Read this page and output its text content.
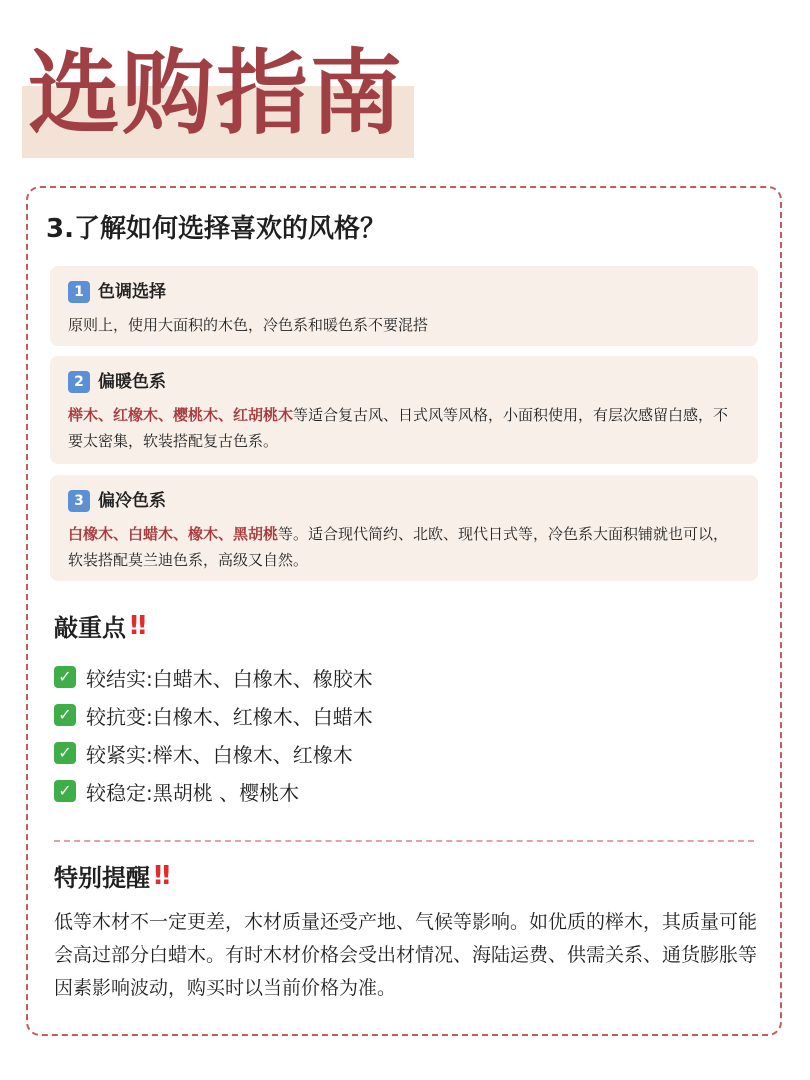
选购指南
3.了解如何选择喜欢的风格？
1 色调选择
原则上，使用大面积的木色，冷色系和暖色系不要混搭
2 偏暖色系
榉木、红橡木、樱桃木、红胡桃木等适合复古风、日式风等风格，小面积使用，有层次感留白感，不要太密集，软装搭配复古色系。
3 偏冷色系
白橡木、白蜡木、橡木、黑胡桃等。适合现代简约、北欧、现代日式等，冷色系大面积铺就也可以，软装搭配莫兰迪色系，高级又自然。
敲重点 ‼
✓ 较结实:白蜡木、白橡木、橡胶木
✓ 较抗变:白橡木、红橡木、白蜡木
✓ 较紧实:榉木、白橡木、红橡木
✓ 较稳定:黑胡桃 、樱桃木
特别提醒 ‼
低等木材不一定更差，木材质量还受产地、气候等影响。如优质的榉木，其质量可能会高过部分白蜡木。有时木材价格会受出材情况、海陆运费、供需关系、通货膨胀等因素影响波动，购买时以当前价格为准。
